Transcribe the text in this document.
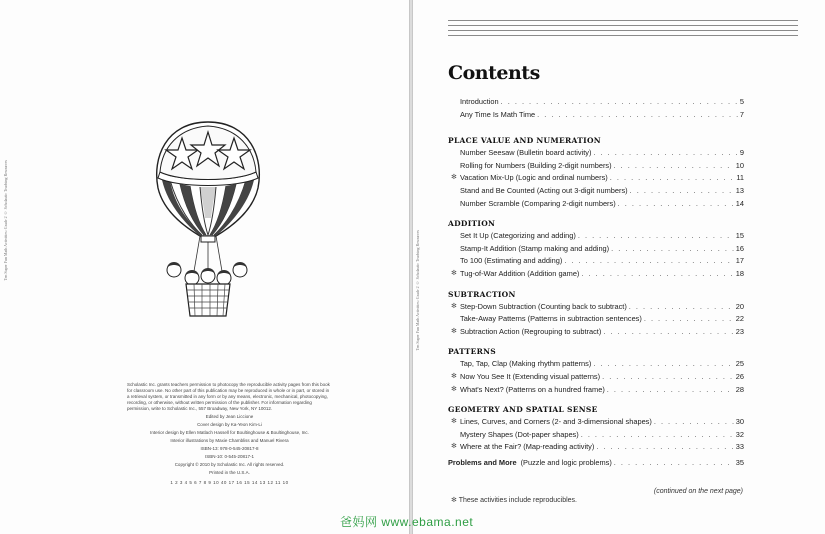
Ten Super Fun Math Activities: Grade 2 © Scholastic Teaching Resources
Scholastic Inc. grants teachers permission to photocopy the reproducible activity pages from this book for classroom use. No other part of this publication may be reproduced in whole or in part, or stored in a retrieval system, or transmitted in any form or by any means, electronic, mechanical, photocopying, recording, or otherwise, without written permission of the publisher. For information regarding permission, write to Scholastic Inc., 557 Broadway, New York, NY 10012.
Edited by Jean Liccione
Cover design by Ka-Yeon Kim-Li
Interior design by Ellen Matlach Hassell for Boultinghouse & Boultinghouse, Inc.
Interior illustrations by Maxie Chambliss and Manuel Rivera
ISBN-13: 978-0-545-20817-8
ISBN-10: 0-545-20817-1
Copyright © 2010 by Scholastic Inc. All rights reserved.
Printed in the U.S.A.
1 2 3 4 5 6 7 8 9 10 40 17 16 15 14 13 12 11 10
Ten Super Fun Math Activities: Grade 2 © Scholastic Teaching Resources
Contents
Introduction . . .	5
Any Time Is Math Time . . .	7
PLACE VALUE AND NUMERATION
Number Seesaw (Bulletin board activity) . . .	9
Rolling for Numbers (Building 2-digit numbers) . . .	10
✻ Vacation Mix-Up (Logic and ordinal numbers) . . .	11
Stand and Be Counted (Acting out 3-digit numbers) . . .	13
Number Scramble (Comparing 2-digit numbers) . . .	14
ADDITION
Set It Up (Categorizing and adding) . . .	15
Stamp-It Addition (Stamp making and adding) . . .	16
To 100 (Estimating and adding) . . .	17
✻ Tug-of-War Addition (Addition game) . . .	18
SUBTRACTION
✻ Step-Down Subtraction (Counting back to subtract) . . .	20
Take-Away Patterns (Patterns in subtraction sentences) . . .	22
✻ Subtraction Action (Regrouping to subtract) . . .	23
PATTERNS
Tap, Tap, Clap (Making rhythm patterns) . . .	25
✻ Now You See It (Extending visual patterns) . . .	26
✻ What's Next? (Patterns on a hundred frame) . . .	28
GEOMETRY AND SPATIAL SENSE
✻ Lines, Curves, and Corners (2- and 3-dimensional shapes) . . .	30
Mystery Shapes (Dot-paper shapes) . . .	32
✻ Where at the Fair? (Map-reading activity) . . .	33
Problems and More (Puzzle and logic problems) . . .	35
(continued on the next page)
✻ These activities include reproducibles.
爸妈网 www.ebama.net
